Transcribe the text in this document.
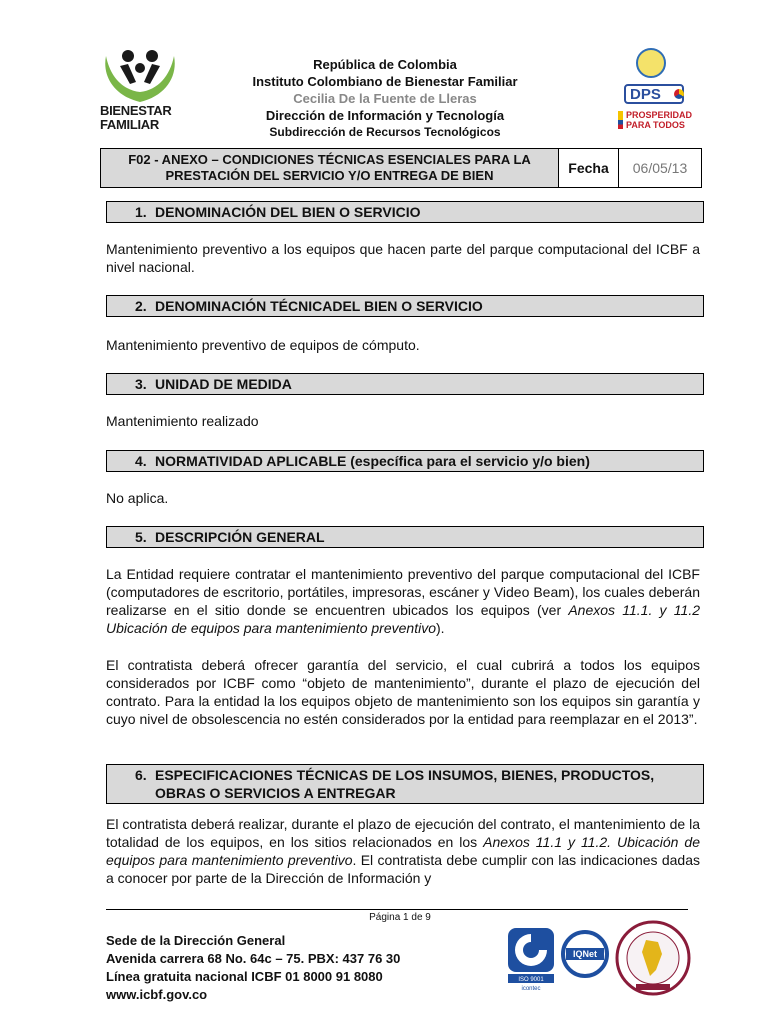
BIENESTAR
FAMILIAR
República de Colombia
Instituto Colombiano de Bienestar Familiar
Cecilia De la Fuente de Lleras
Dirección de Información y Tecnología
Subdirección de Recursos Tecnológicos
DPS
PROSPERIDAD
PARA TODOS
F02 - ANEXO – CONDICIONES TÉCNICAS ESENCIALES PARA LA PRESTACIÓN DEL SERVICIO Y/O ENTREGA DE BIEN	Fecha	06/05/13
1. DENOMINACIÓN DEL BIEN O SERVICIO
Mantenimiento preventivo a los equipos que hacen parte del parque computacional del ICBF a nivel nacional.
2. DENOMINACIÓN TÉCNICADEL BIEN O SERVICIO
Mantenimiento preventivo de equipos de cómputo.
3. UNIDAD DE MEDIDA
Mantenimiento realizado
4. NORMATIVIDAD APLICABLE (específica para el servicio y/o bien)
No aplica.
5. DESCRIPCIÓN GENERAL
La Entidad requiere contratar el mantenimiento preventivo del parque computacional del ICBF (computadores de escritorio, portátiles, impresoras, escáner y Video Beam), los cuales deberán realizarse en el sitio donde se encuentren ubicados los equipos (ver Anexos 11.1. y 11.2 Ubicación de equipos para mantenimiento preventivo).
El contratista deberá ofrecer garantía del servicio, el cual cubrirá a todos los equipos considerados por ICBF como “objeto de mantenimiento”, durante el plazo de ejecución del contrato. Para la entidad la los equipos objeto de mantenimiento son los equipos sin garantía y cuyo nivel de obsolescencia no estén considerados por la entidad para reemplazar en el 2013”.
6. ESPECIFICACIONES TÉCNICAS DE LOS INSUMOS, BIENES, PRODUCTOS,
OBRAS O SERVICIOS A ENTREGAR
El contratista deberá realizar, durante el plazo de ejecución del contrato, el mantenimiento de la totalidad de los equipos, en los sitios relacionados en los Anexos 11.1 y 11.2. Ubicación de equipos para mantenimiento preventivo. El contratista debe cumplir con las indicaciones dadas a conocer por parte de la Dirección de Información y
Página 1 de 9
Sede de la Dirección General
Avenida carrera 68 No. 64c – 75. PBX: 437 76 30
Línea gratuita nacional ICBF 01 8000 91 8080
www.icbf.gov.co
ISO 9001
icontec
IQNet
